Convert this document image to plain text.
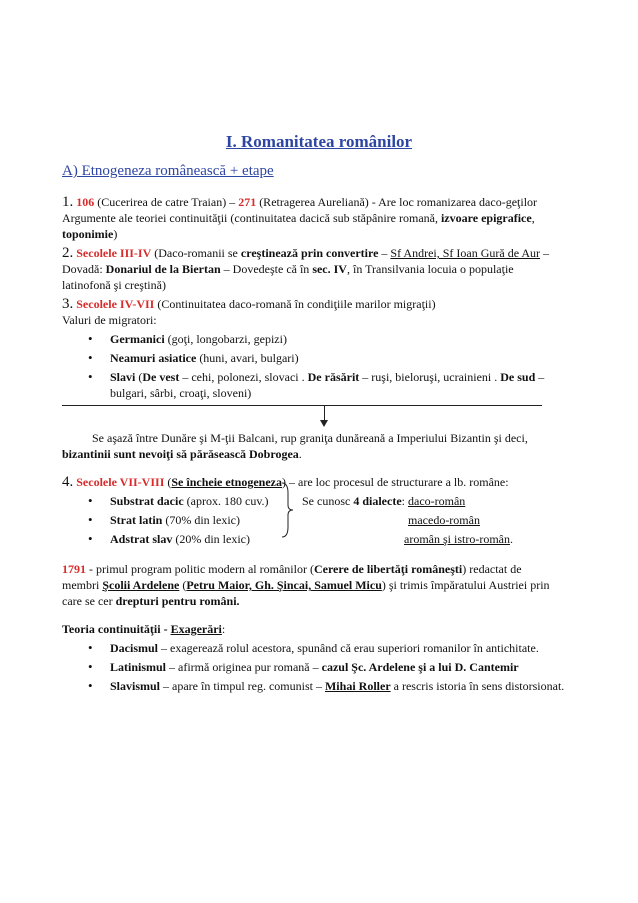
I. Romanitatea românilor
A) Etnogeneza românească + etape

1. 106 (Cucerirea de catre Traian) – 271 (Retragerea Aureliană) - Are loc romanizarea daco-geţilor
Argumente ale teoriei continuităţii (continuitatea dacică sub stăpânire romană, izvoare epigrafice,
toponimie)

2. Secolele III-IV (Daco-romanii se creştinează prin convertire – Sf Andrei, Sf Ioan Gură de Aur –
Dovadă: Donariul de la Biertan – Dovedeşte că în sec. IV, în Transilvania locuia o populaţie
latinofonă şi creştină)

3. Secolele IV-VII (Continuitatea daco-romană în condiţiile marilor migraţii)
Valuri de migratori:

• Germanici (goţi, longobarzi, gepizi)
• Neamuri asiatice (huni, avari, bulgari)
• Slavi (De vest – cehi, polonezi, slovaci . De răsărit – ruşi, bieloruşi, ucrainieni . De sud –
bulgari, sârbi, croaţi, sloveni)

Se aşază între Dunăre şi M-ţii Balcani, rup graniţa dunăreană a Imperiului Bizantin şi deci,
bizantinii sunt nevoiţi să părăsească Dobrogea.

4. Secolele VII-VIII (Se încheie etnogeneza) – are loc procesul de structurare a lb. române:

• Substrat dacic (aprox. 180 cuv.)
• Strat latin (70% din lexic)
• Adstrat slav (20% din lexic)
Se cunosc 4 dialecte: daco-român
macedo-român
aromân şi istro-român.

1791 - primul program politic modern al românilor (Cerere de libertăţi româneşti) redactat de
membri Şcolii Ardelene (Petru Maior, Gh. Şincai, Samuel Micu) şi trimis împăratului Austriei prin
care se cer drepturi pentru români.

Teoria continuităţii - Exagerări:

• Dacismul – exagerează rolul acestora, spunând că erau superiori romanilor în antichitate.
• Latinismul – afirmă originea pur romană – cazul Şc. Ardelene şi a lui D. Cantemir
• Slavismul – apare în timpul reg. comunist – Mihai Roller a rescris istoria în sens distorsionat.
